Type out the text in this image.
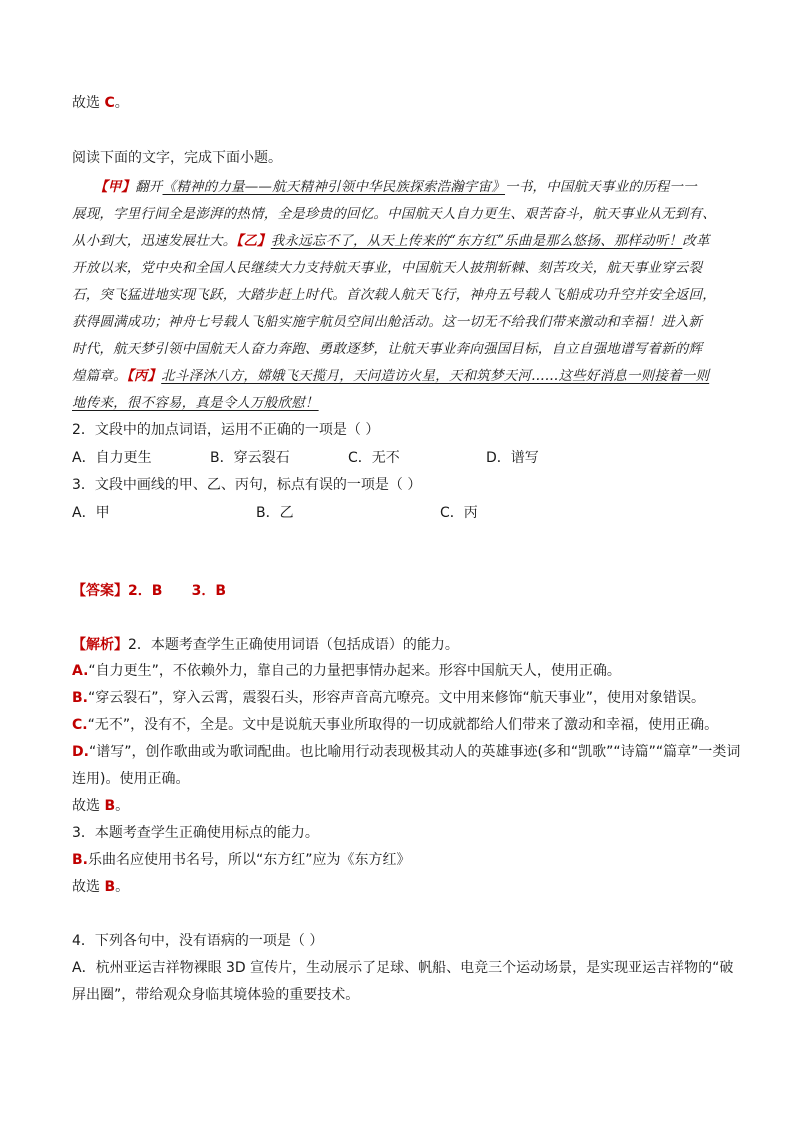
故选 C。
阅读下面的文字，完成下面小题。
【甲】翻开《精神的力量——航天精神引领中华民族探索浩瀚宇宙》一书，中国航天事业的历程一一
展现，字里行间全是澎湃的热情，全是珍贵的回忆。中国航天人自力更生、艰苦奋斗，航天事业从无到有、
从小到大，迅速发展壮大。【乙】我永远忘不了，从天上传来的“东方红”乐曲是那么悠扬、那样动听！改革
开放以来，党中央和全国人民继续大力支持航天事业，中国航天人披荆斩棘、刻苦攻关，航天事业穿云裂
石，突飞猛进地实现飞跃，大踏步赶上时代。首次载人航天飞行，神舟五号载人飞船成功升空并安全返回，
获得圆满成功；神舟七号载人飞船实施宇航员空间出舱活动。这一切无不给我们带来激动和幸福！进入新
时代，航天梦引领中国航天人奋力奔跑、勇敢逐梦，让航天事业奔向强国目标，自立自强地谱写着新的辉
煌篇章。【丙】北斗泽沐八方，嫦娥飞天揽月，天问造访火星，天和筑梦天河……这些好消息一则接着一则
地传来，很不容易，真是令人万般欣慰！
2．文段中的加点词语，运用不正确的一项是（ ）
A．自力更生	B．穿云裂石	C．无不	D．谱写
3．文段中画线的甲、乙、丙句，标点有误的一项是（ ）
A．甲	B．乙	C．丙
【答案】2．B      3．B
【解析】2．本题考查学生正确使用词语（包括成语）的能力。
A.“自力更生”，不依赖外力，靠自己的力量把事情办起来。形容中国航天人，使用正确。
B.“穿云裂石”，穿入云霄，震裂石头，形容声音高亢嘹亮。文中用来修饰“航天事业”，使用对象错误。
C.“无不”，没有不，全是。文中是说航天事业所取得的一切成就都给人们带来了激动和幸福，使用正确。
D.“谱写”，创作歌曲或为歌词配曲。也比喻用行动表现极其动人的英雄事迹(多和“凯歌”“诗篇”“篇章”一类词
连用)。使用正确。
故选 B。
3．本题考查学生正确使用标点的能力。
B.乐曲名应使用书名号，所以“东方红”应为《东方红》
故选 B。
4．下列各句中，没有语病的一项是（ ）
A．杭州亚运吉祥物裸眼 3D 宣传片，生动展示了足球、帆船、电竞三个运动场景，是实现亚运吉祥物的“破
屏出圈”，带给观众身临其境体验的重要技术。
